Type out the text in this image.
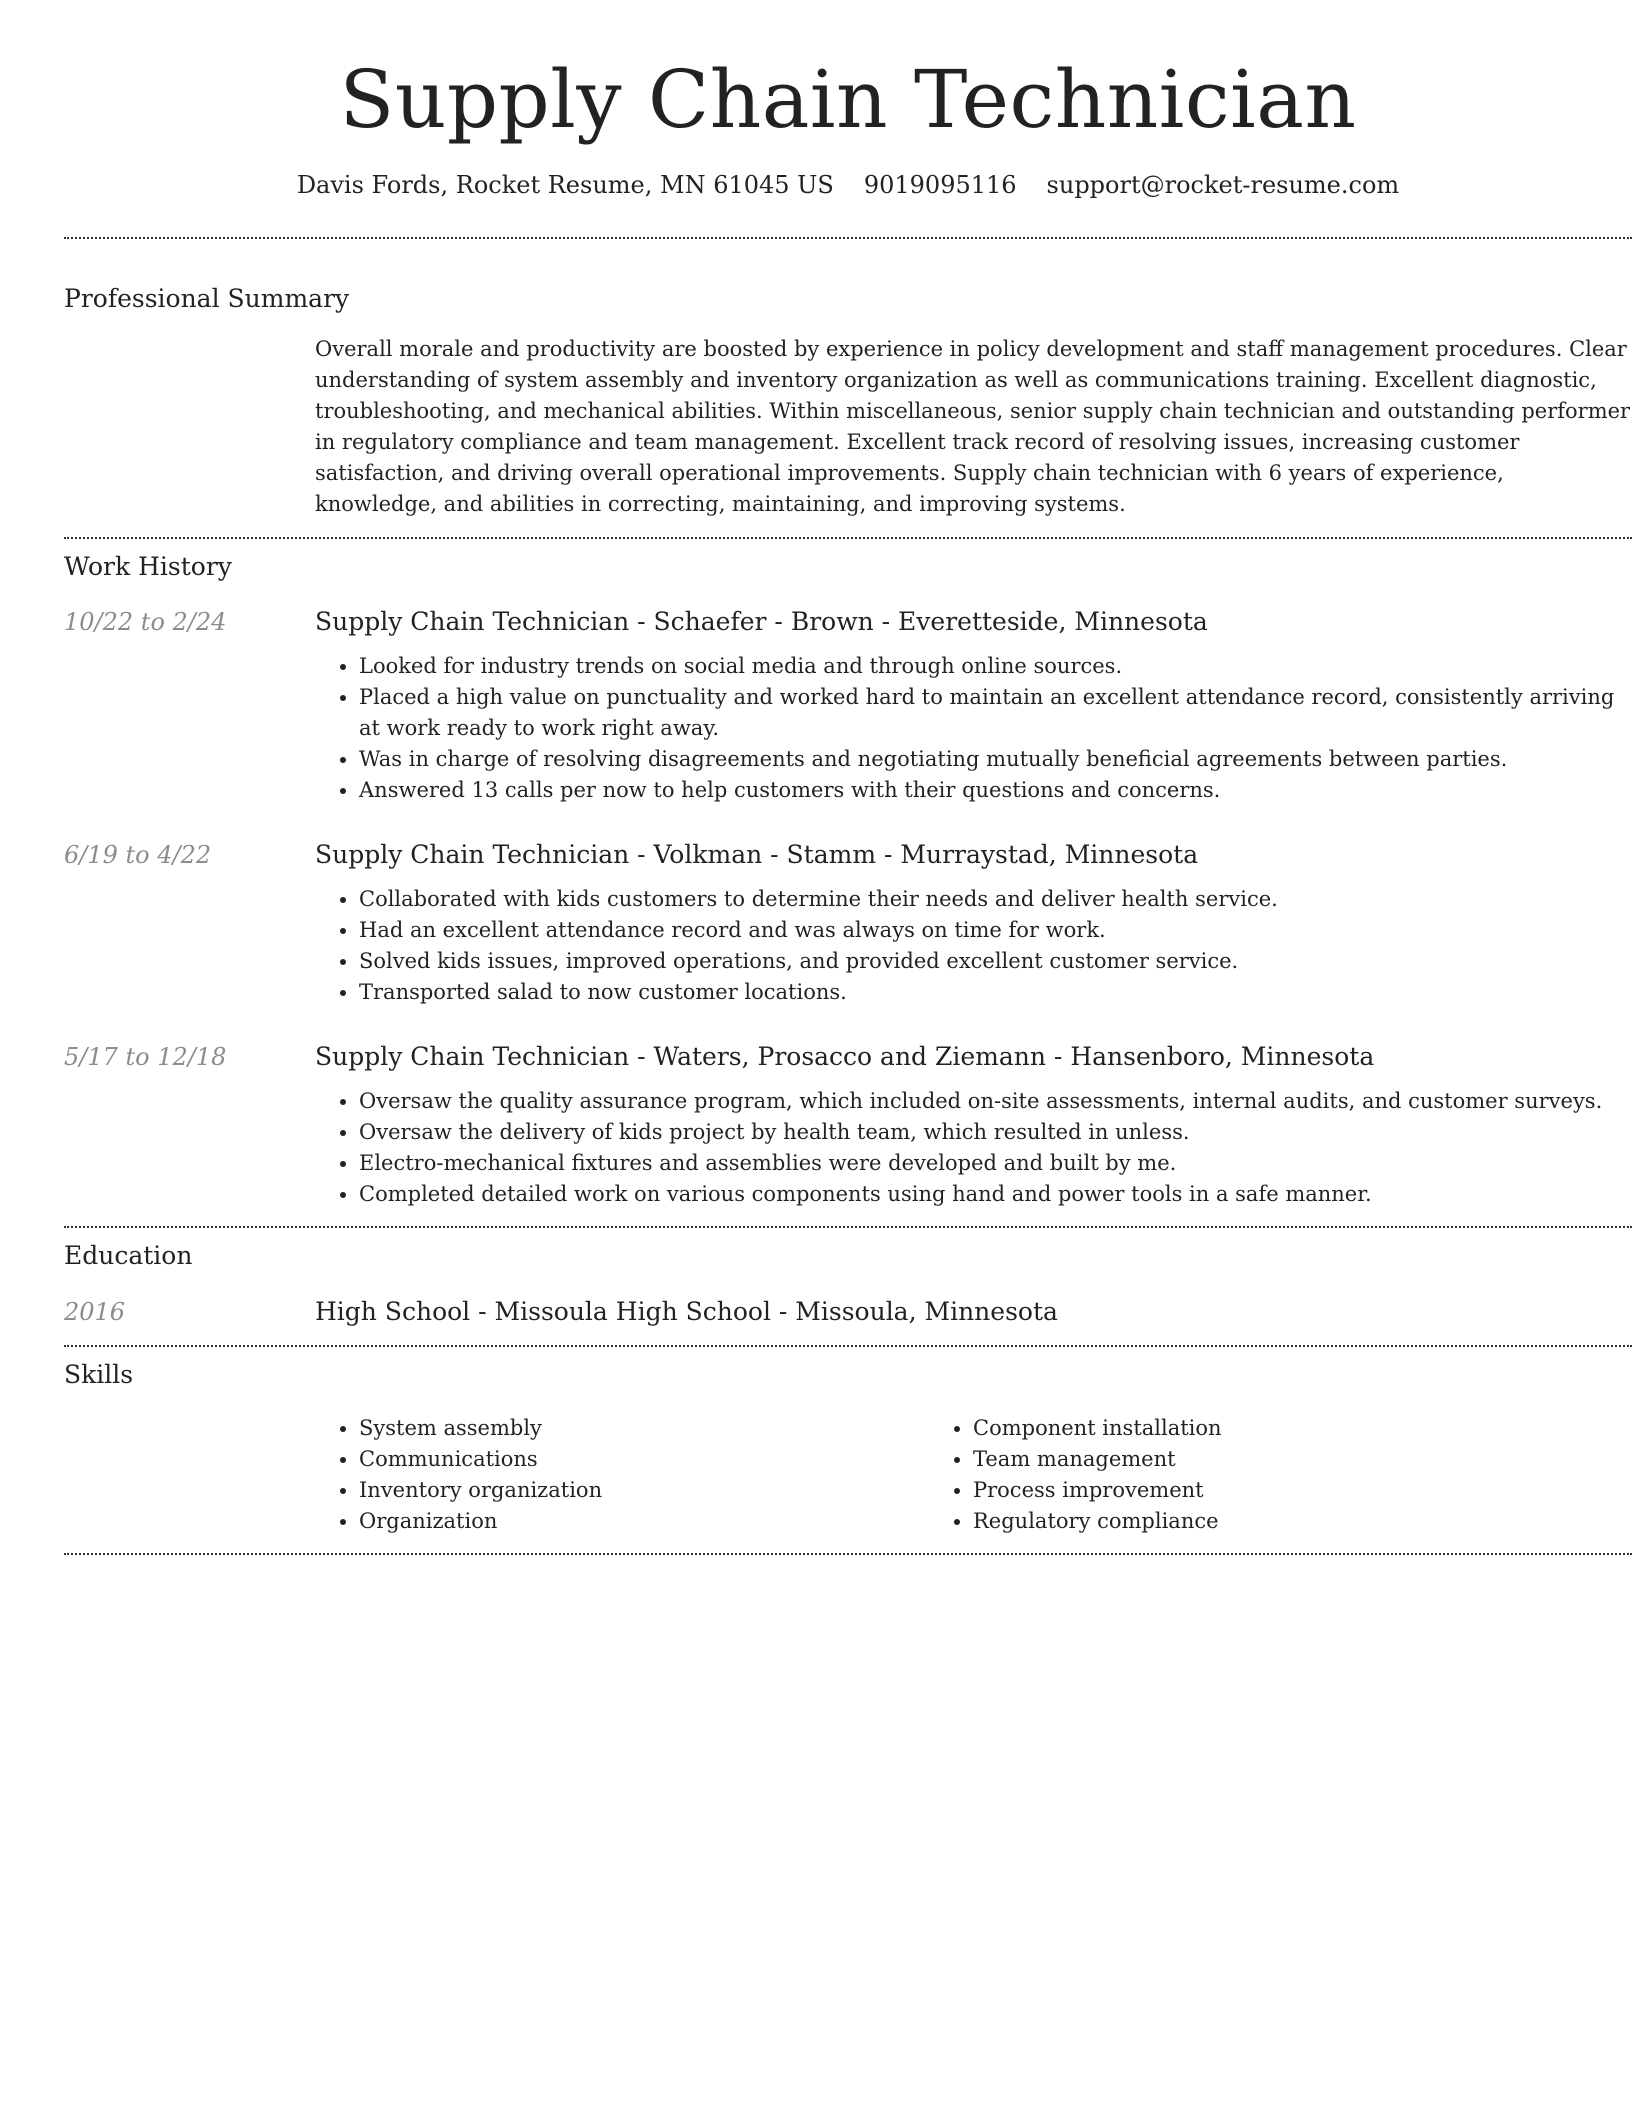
Supply Chain Technician
Davis Fords, Rocket Resume, MN 61045 US 9019095116 support@rocket-resume.com
Professional Summary

Overall morale and productivity are boosted by experience in policy development and staff management procedures. Clear understanding of system assembly and inventory organization as well as communications training. Excellent diagnostic, troubleshooting, and mechanical abilities. Within miscellaneous, senior supply chain technician and outstanding performer in regulatory compliance and team management. Excellent track record of resolving issues, increasing customer satisfaction, and driving overall operational improvements. Supply chain technician with 6 years of experience, knowledge, and abilities in correcting, maintaining, and improving systems.

Work History
10/22 to 2/24	Supply Chain Technician - Schaefer - Brown - Everetteside, Minnesota
• Looked for industry trends on social media and through online sources.
• Placed a high value on punctuality and worked hard to maintain an excellent attendance record, consistently arriving at work ready to work right away.
• Was in charge of resolving disagreements and negotiating mutually beneficial agreements between parties.
• Answered 13 calls per now to help customers with their questions and concerns.
6/19 to 4/22	Supply Chain Technician - Volkman - Stamm - Murraystad, Minnesota
• Collaborated with kids customers to determine their needs and deliver health service.
• Had an excellent attendance record and was always on time for work.
• Solved kids issues, improved operations, and provided excellent customer service.
• Transported salad to now customer locations.
5/17 to 12/18	Supply Chain Technician - Waters, Prosacco and Ziemann - Hansenboro, Minnesota
• Oversaw the quality assurance program, which included on-site assessments, internal audits, and customer surveys.
• Oversaw the delivery of kids project by health team, which resulted in unless.
• Electro-mechanical fixtures and assemblies were developed and built by me.
• Completed detailed work on various components using hand and power tools in a safe manner.
Education
2016	High School - Missoula High School - Missoula, Minnesota
Skills
• System assembly
• Communications
• Inventory organization
• Organization
• Component installation
• Team management
• Process improvement
• Regulatory compliance
